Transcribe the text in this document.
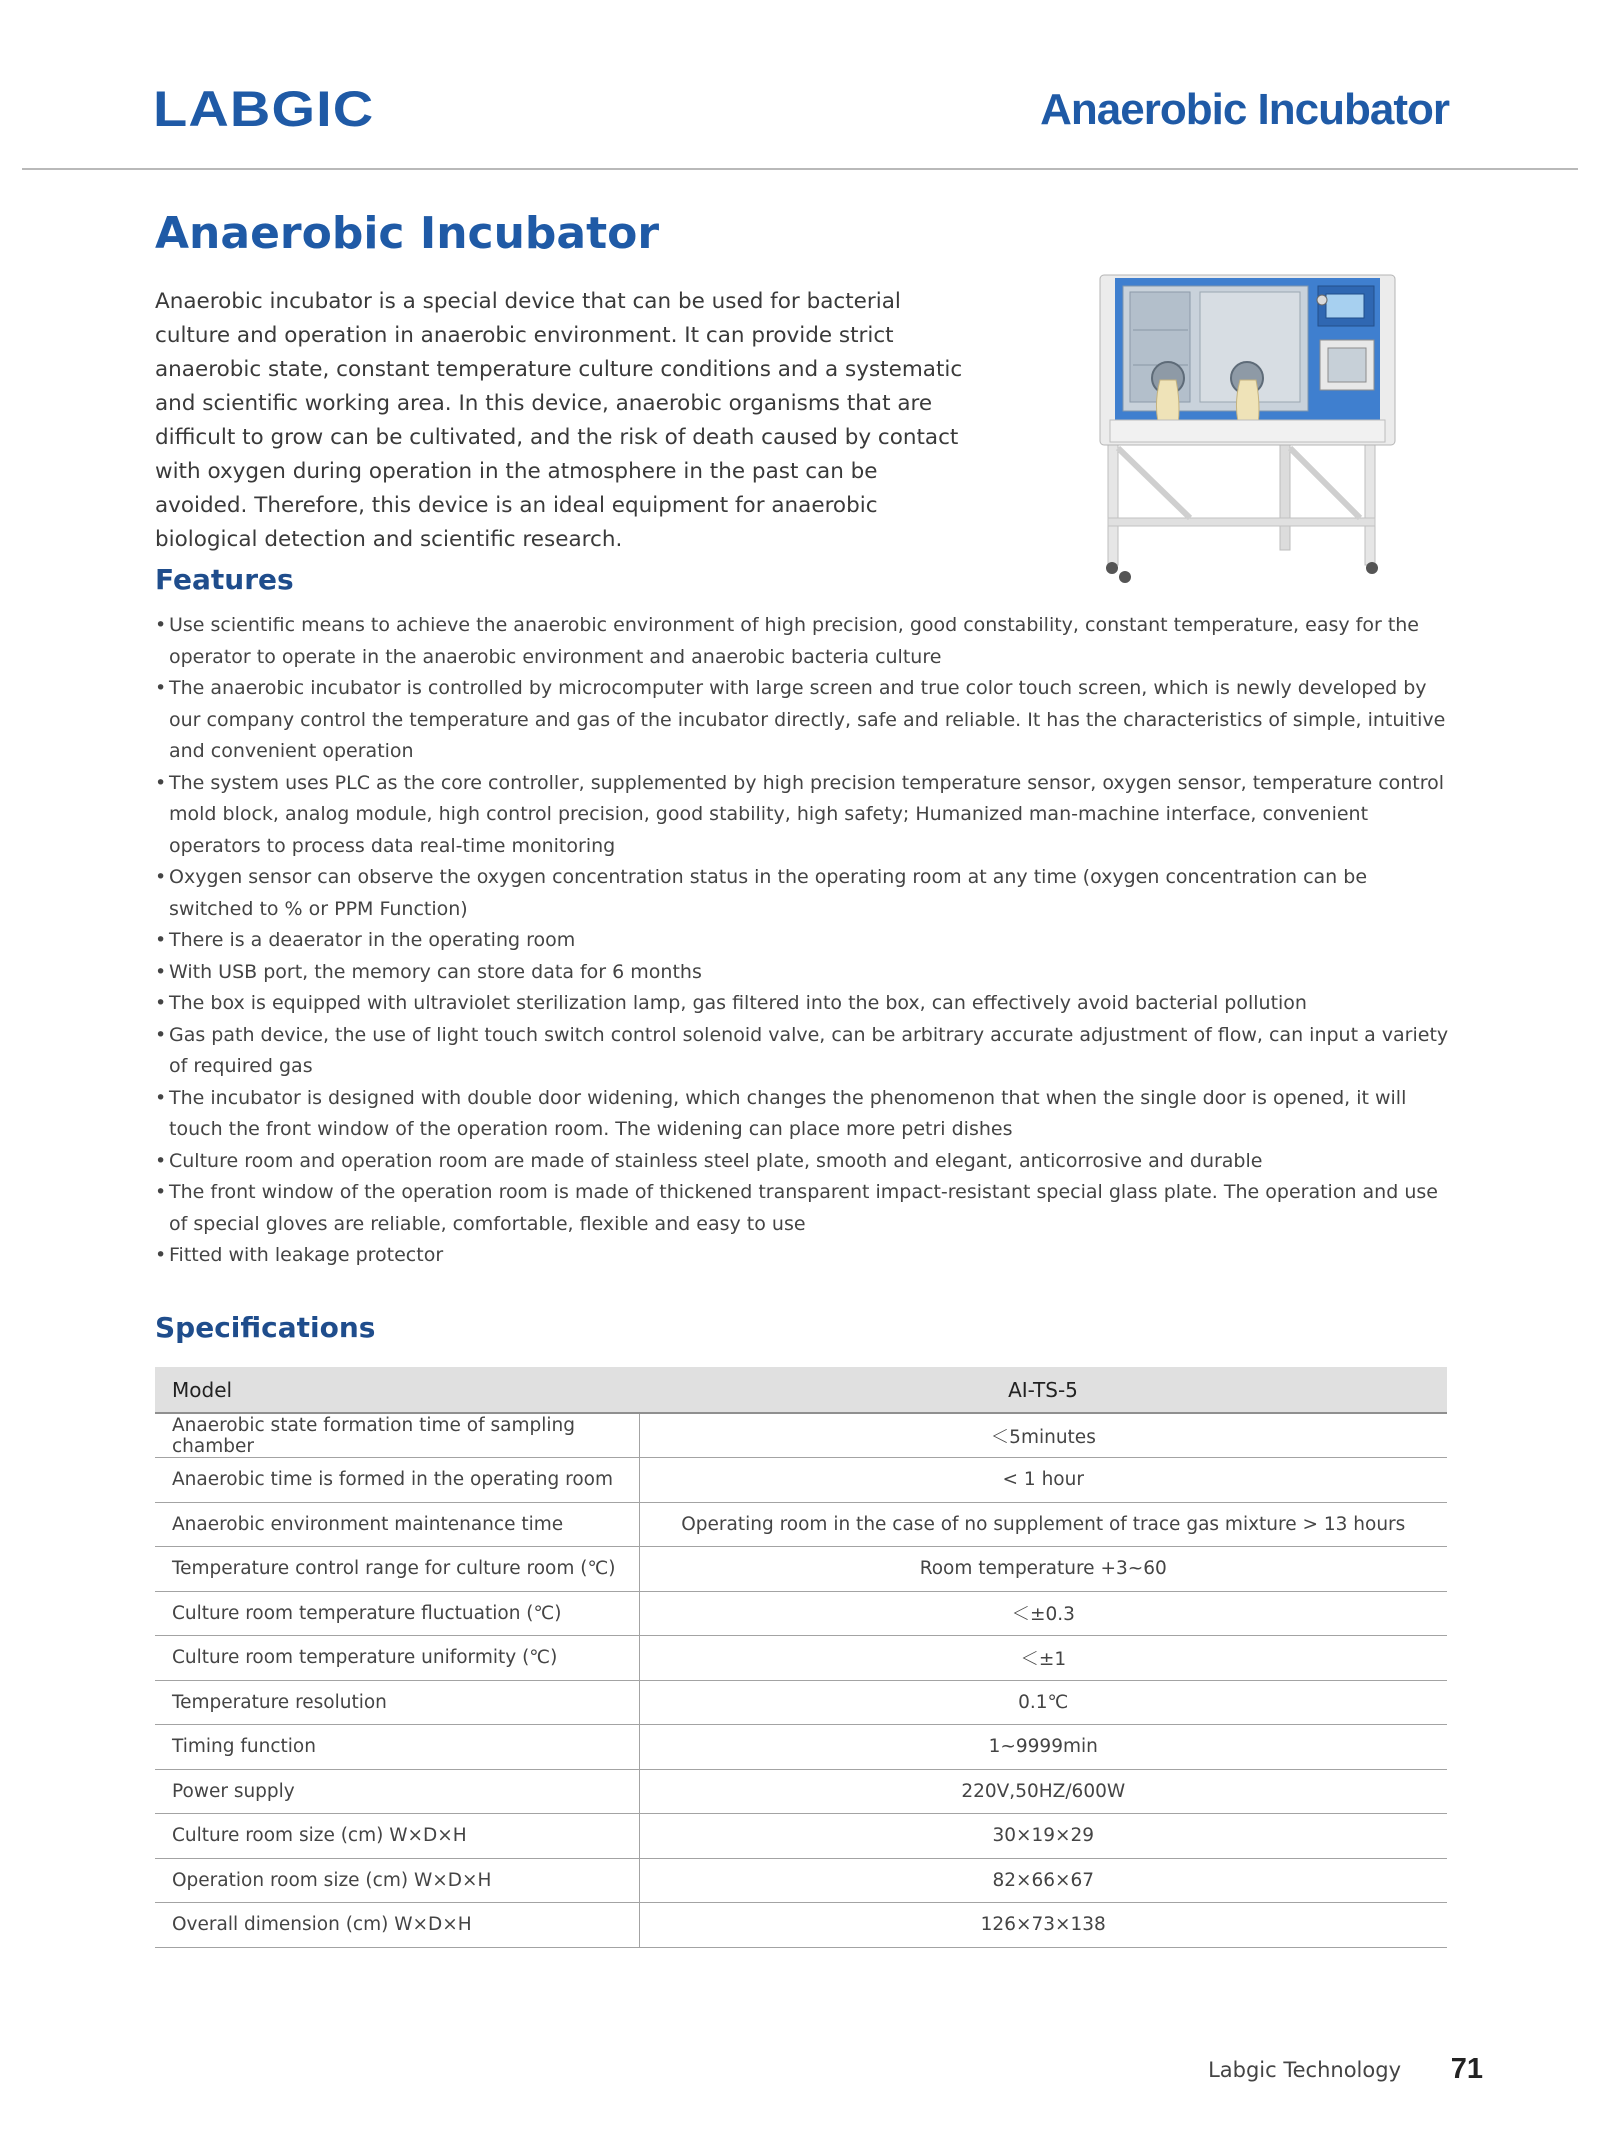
LABGIC	Anaerobic Incubator
Anaerobic Incubator

Anaerobic incubator is a special device that can be used for bacterial culture and operation in anaerobic environment. It can provide strict anaerobic state, constant temperature culture conditions and a systematic and scientific working area. In this device, anaerobic organisms that are difficult to grow can be cultivated, and the risk of death caused by contact with oxygen during operation in the atmosphere in the past can be avoided. Therefore, this device is an ideal equipment for anaerobic biological detection and scientific research.

Features
• Use scientific means to achieve the anaerobic environment of high precision, good constability, constant temperature, easy for the operator to operate in the anaerobic environment and anaerobic bacteria culture
• The anaerobic incubator is controlled by microcomputer with large screen and true color touch screen, which is newly developed by our company control the temperature and gas of the incubator directly, safe and reliable. It has the characteristics of simple, intuitive and convenient operation
• The system uses PLC as the core controller, supplemented by high precision temperature sensor, oxygen sensor, temperature control mold block, analog module, high control precision, good stability, high safety; Humanized man-machine interface, convenient operators to process data real-time monitoring
• Oxygen sensor can observe the oxygen concentration status in the operating room at any time (oxygen concentration can be switched to % or PPM Function)
• There is a deaerator in the operating room
• With USB port, the memory can store data for 6 months
• The box is equipped with ultraviolet sterilization lamp, gas filtered into the box, can effectively avoid bacterial pollution
• Gas path device, the use of light touch switch control solenoid valve, can be arbitrary accurate adjustment of flow, can input a variety of required gas
• The incubator is designed with double door widening, which changes the phenomenon that when the single door is opened, it will touch the front window of the operation room. The widening can place more petri dishes
• Culture room and operation room are made of stainless steel plate, smooth and elegant, anticorrosive and durable
• The front window of the operation room is made of thickened transparent impact-resistant special glass plate. The operation and use of special gloves are reliable, comfortable, flexible and easy to use
• Fitted with leakage protector
Specifications
Model	AI-TS-5
Anaerobic state formation time of sampling chamber	＜5minutes
Anaerobic time is formed in the operating room	< 1 hour
Anaerobic environment maintenance time	Operating room in the case of no supplement of trace gas mixture > 13 hours
Temperature control range for culture room (℃)	Room temperature +3~60
Culture room temperature fluctuation (℃)	＜±0.3
Culture room temperature uniformity (℃)	＜±1
Temperature resolution	0.1℃
Timing function	1~9999min
Power supply	220V,50HZ/600W
Culture room size (cm) W×D×H	30×19×29
Operation room size (cm) W×D×H	82×66×67
Overall dimension (cm) W×D×H	126×73×138
Labgic Technology 71
